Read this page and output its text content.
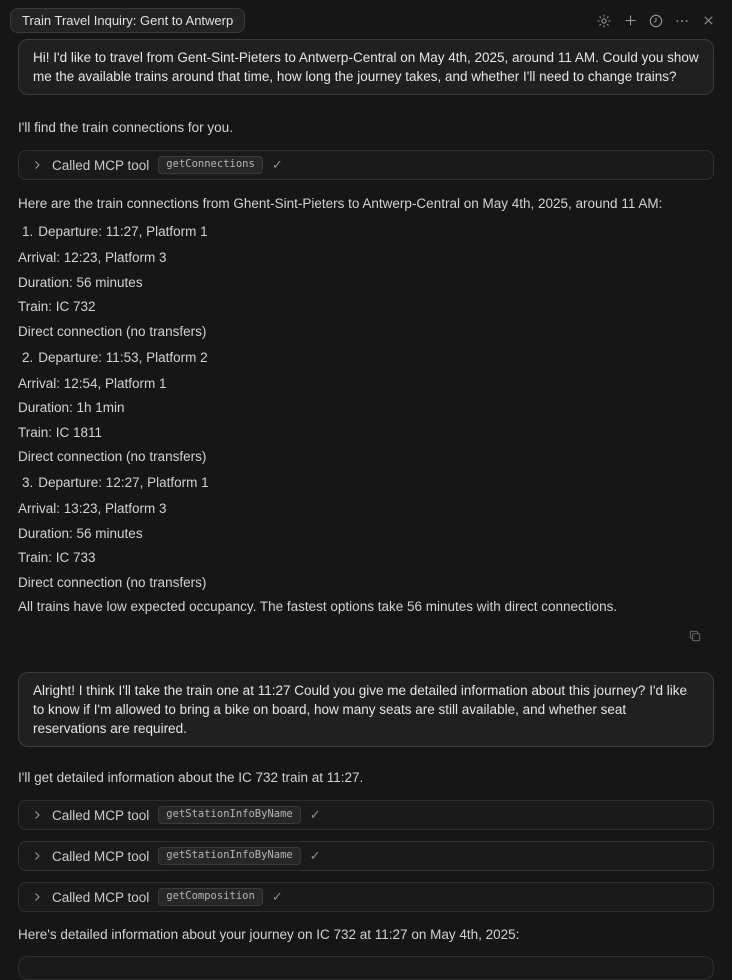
Train Travel Inquiry: Gent to Antwerp
Hi! I'd like to travel from Gent-Sint-Pieters to Antwerp-Central on May 4th, 2025, around 11 AM. Could you show me the available trains around that time, how long the journey takes, and whether I'll need to change trains?

I'll find the train connections for you.

Called MCP tool	getConnections	✓

Here are the train connections from Ghent-Sint-Pieters to Antwerp-Central on May 4th, 2025, around 11 AM:

1. Departure: 11:27, Platform 1

Arrival: 12:23, Platform 3

Duration: 56 minutes

Train: IC 732

Direct connection (no transfers)

2. Departure: 11:53, Platform 2

Arrival: 12:54, Platform 1

Duration: 1h 1min

Train: IC 1811

Direct connection (no transfers)

3. Departure: 12:27, Platform 1

Arrival: 13:23, Platform 3

Duration: 56 minutes

Train: IC 733

Direct connection (no transfers)

All trains have low expected occupancy. The fastest options take 56 minutes with direct connections.

Alright! I think I'll take the train one at 11:27 Could you give me detailed information about this journey? I'd like to know if I'm allowed to bring a bike on board, how many seats are still available, and whether seat reservations are required.

I'll get detailed information about the IC 732 train at 11:27.

Called MCP tool	getStationInfoByName	✓
Called MCP tool	getStationInfoByName	✓
Called MCP tool	getComposition	✓

Here's detailed information about your journey on IC 732 at 11:27 on May 4th, 2025:
